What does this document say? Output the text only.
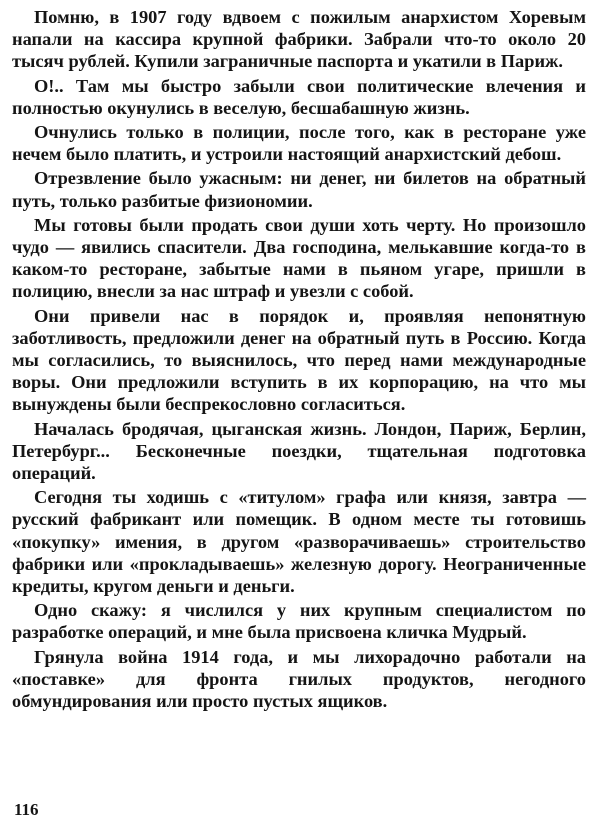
Помню, в 1907 году вдвоем с пожилым анархистом Хоревым напали на кассира крупной фабрики. Забрали что-то около 20 тысяч рублей. Купили заграничные паспорта и укатили в Париж.

О!.. Там мы быстро забыли свои политические влечения и полностью окунулись в веселую, бесшабашную жизнь.

Очнулись только в полиции, после того, как в ресторане уже нечем было платить, и устроили настоящий анархистский дебош.

Отрезвление было ужасным: ни денег, ни билетов на обратный путь, только разбитые физиономии.

Мы готовы были продать свои души хоть черту. Но произошло чудо — явились спасители. Два господина, мелькавшие когда-то в каком-то ресторане, забытые нами в пьяном угаре, пришли в полицию, внесли за нас штраф и увезли с собой.

Они привели нас в порядок и, проявляя непонятную заботливость, предложили денег на обратный путь в Россию. Когда мы согласились, то выяснилось, что перед нами международные воры. Они предложили вступить в их корпорацию, на что мы вынуждены были беспрекословно согласиться.

Началась бродячая, цыганская жизнь. Лондон, Париж, Берлин, Петербург... Бесконечные поездки, тщательная подготовка операций.

Сегодня ты ходишь с «титулом» графа или князя, завтра — русский фабрикант или помещик. В одном месте ты готовишь «покупку» имения, в другом «разворачиваешь» строительство фабрики или «прокладываешь» железную дорогу. Неограниченные кредиты, кругом деньги и деньги.

Одно скажу: я числился у них крупным специалистом по разработке операций, и мне была присвоена кличка Мудрый.

Грянула война 1914 года, и мы лихорадочно работали на «поставке» для фронта гнилых продуктов, негодного обмундирования или просто пустых ящиков.

116
